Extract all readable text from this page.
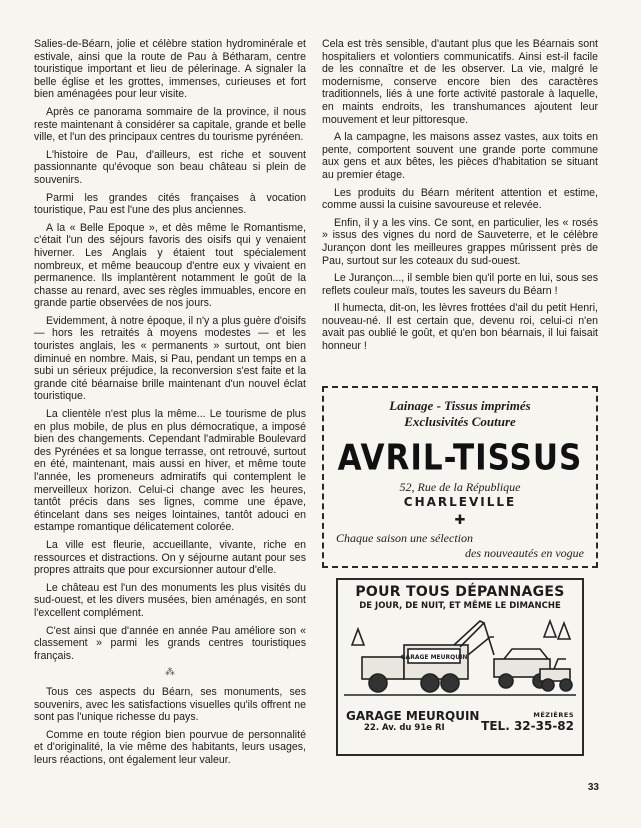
Salies-de-Béarn, jolie et célèbre station hydrominérale et estivale, ainsi que la route de Pau à Bétharam, centre touristique important et lieu de pélerinage. A signaler la belle église et les grottes, immenses, curieuses et fort bien aménagées pour leur visite.

Après ce panorama sommaire de la province, il nous reste maintenant à considérer sa capitale, grande et belle ville, et l'un des principaux centres du tourisme pyrénéen.

L'histoire de Pau, d'ailleurs, est riche et souvent passionnante qu'évoque son beau château si plein de souvenirs.

Parmi les grandes cités françaises à vocation touristique, Pau est l'une des plus anciennes.

A la « Belle Epoque », et dès même le Romantisme, c'était l'un des séjours favoris des oisifs qui y venaient hiverner. Les Anglais y étaient tout spécialement nombreux, et même beaucoup d'entre eux y vivaient en permanence. Ils implantèrent notamment le goût de la chasse au renard, avec ses règles immuables, encore en grande partie observées de nos jours.

Evidemment, à notre époque, il n'y a plus guère d'oisifs — hors les retraités à moyens modestes — et les touristes anglais, les « permanents » surtout, ont bien diminué en nombre. Mais, si Pau, pendant un temps en a subi un sérieux préjudice, la reconversion s'est faite et la grande cité béarnaise brille maintenant d'un nouvel éclat touristique.

La clientèle n'est plus la même... Le tourisme de plus en plus mobile, de plus en plus démocratique, a imposé bien des changements. Cependant l'admirable Boulevard des Pyrénées et sa longue terrasse, ont retrouvé, surtout en été, maintenant, mais aussi en hiver, et même toute l'année, les promeneurs admiratifs qui contemplent le merveilleux horizon. Celui-ci change avec les heures, tantôt précis dans ses lignes, comme une épave, étincelant dans ses neiges lointaines, tantôt adouci en estampe romantique délicatement colorée.

La ville est fleurie, accueillante, vivante, riche en ressources et distractions. On y séjourne autant pour ses propres attraits que pour excursionner autour d'elle.

Le château est l'un des monuments les plus visités du sud-ouest, et les divers musées, bien aménagés, en sont l'excellent complément.

C'est ainsi que d'année en année Pau améliore son « classement » parmi les grands centres touristiques français.

⁂

Tous ces aspects du Béarn, ses monuments, ses souvenirs, avec les satisfactions visuelles qu'ils offrent ne sont pas l'unique richesse du pays.

Comme en toute région bien pourvue de personnalité et d'originalité, la vie même des habitants, leurs usages, leurs réactions, ont également leur valeur.

Cela est très sensible, d'autant plus que les Béarnais sont hospitaliers et volontiers communicatifs. Ainsi est-il facile de les connaître et de les observer. La vie, malgré le modernisme, conserve encore bien des caractères traditionnels, liés à une forte activité pastorale à laquelle, en maints endroits, les transhumances ajoutent leur mouvement et leur pittoresque.

A la campagne, les maisons assez vastes, aux toits en pente, comportent souvent une grande porte commune aux gens et aux bêtes, les pièces d'habitation se situant au premier étage.

Les produits du Béarn méritent attention et estime, comme aussi la cuisine savoureuse et relevée.

Enfin, il y a les vins. Ce sont, en particulier, les « rosés » issus des vignes du nord de Sauveterre, et le célèbre Jurançon dont les meilleures grappes mûrissent près de Pau, surtout sur les coteaux du sud-ouest.

Le Jurançon..., il semble bien qu'il porte en lui, sous ses reflets couleur maïs, toutes les saveurs du Béarn !

Il humecta, dit-on, les lèvres frottées d'ail du petit Henri, nouveau-né. Il est certain que, devenu roi, celui-ci n'en avait pas oublié le goût, et qu'en bon béarnais, il lui faisait honneur !

Lainage - Tissus imprimés
Exclusivités Couture
AVRIL-TISSUS
52, Rue de la République
CHARLEVILLE
✚
Chaque saison une sélection
des nouveautés en vogue
POUR TOUS DÉPANNAGES
DE JOUR, DE NUIT, ET MÊME LE DIMANCHE
GARAGE MEURQUIN
GARAGE MEURQUIN
22. Av. du 91e RI
MÉZIÈRES
TEL. 32-35-82
33
